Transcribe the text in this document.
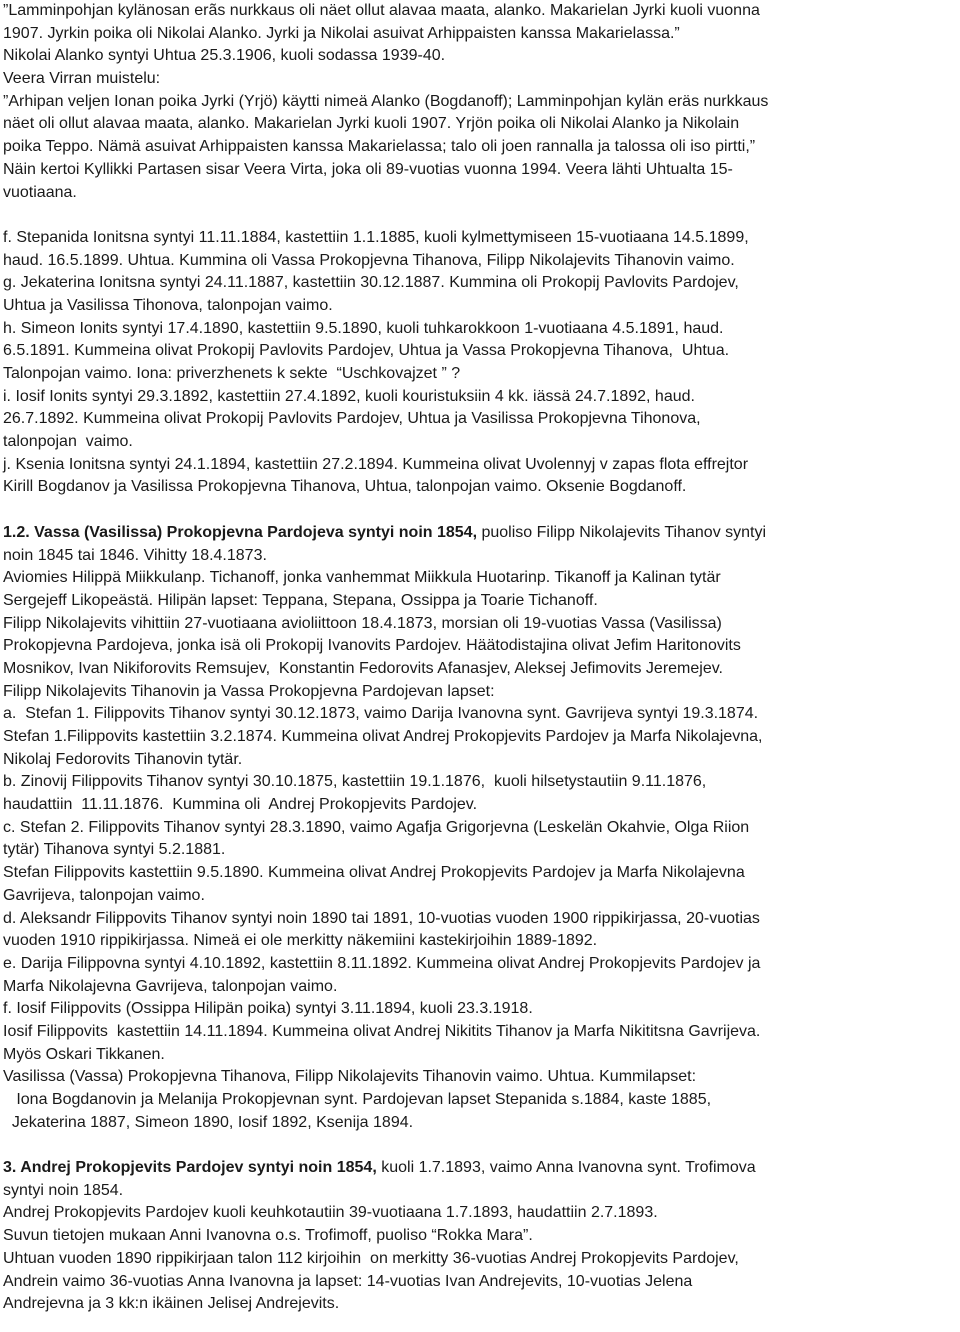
”Lamminpohjan kylänosan erãs nurkkaus oli näet ollut alavaa maata, alanko. Makarielan Jyrki kuoli vuonna
1907. Jyrkin poika oli Nikolai Alanko. Jyrki ja Nikolai asuivat Arhippaisten kanssa Makarielassa.”
Nikolai Alanko syntyi Uhtua 25.3.1906, kuoli sodassa 1939-40.
Veera Virran muistelu:
”Arhipan veljen Ionan poika Jyrki (Yrjö) käytti nimeä Alanko (Bogdanoff); Lamminpohjan kylän eräs nurkkaus
näet oli ollut alavaa maata, alanko. Makarielan Jyrki kuoli 1907. Yrjön poika oli Nikolai Alanko ja Nikolain
poika Teppo. Nämä asuivat Arhippaisten kanssa Makarielassa; talo oli joen rannalla ja talossa oli iso pirtti,”
Näin kertoi Kyllikki Partasen sisar Veera Virta, joka oli 89-vuotias vuonna 1994. Veera lähti Uhtualta 15-
vuotiaana.
f. Stepanida Ionitsna syntyi 11.11.1884, kastettiin 1.1.1885, kuoli kylmettymiseen 15-vuotiaana 14.5.1899,
haud. 16.5.1899. Uhtua. Kummina oli Vassa Prokopjevna Tihanova, Filipp Nikolajevits Tihanovin vaimo.
g. Jekaterina Ionitsna syntyi 24.11.1887, kastettiin 30.12.1887. Kummina oli Prokopij Pavlovits Pardojev,
Uhtua ja Vasilissa Tihonova, talonpojan vaimo.
h. Simeon Ionits syntyi 17.4.1890, kastettiin 9.5.1890, kuoli tuhkarokkoon 1-vuotiaana 4.5.1891, haud.
6.5.1891. Kummeina olivat Prokopij Pavlovits Pardojev, Uhtua ja Vassa Prokopjevna Tihanova,  Uhtua.
Talonpojan vaimo. Iona: priverzhenets k sekte  “Uschkovajzet ” ?
i. Iosif Ionits syntyi 29.3.1892, kastettiin 27.4.1892, kuoli kouristuksiin 4 kk. iässä 24.7.1892, haud.
26.7.1892. Kummeina olivat Prokopij Pavlovits Pardojev, Uhtua ja Vasilissa Prokopjevna Tihonova,
talonpojan  vaimo.
j. Ksenia Ionitsna syntyi 24.1.1894, kastettiin 27.2.1894. Kummeina olivat Uvolennyj v zapas flota effrejtor
Kirill Bogdanov ja Vasilissa Prokopjevna Tihanova, Uhtua, talonpojan vaimo. Oksenie Bogdanoff.
1.2. Vassa (Vasilissa) Prokopjevna Pardojeva syntyi noin 1854, puoliso Filipp Nikolajevits Tihanov syntyi
noin 1845 tai 1846. Vihitty 18.4.1873.
Aviomies Hilippä Miikkulanp. Tichanoff, jonka vanhemmat Miikkula Huotarinp. Tikanoff ja Kalinan tytär
Sergejeff Likopeästä. Hilipän lapset: Teppana, Stepana, Ossippa ja Toarie Tichanoff.
Filipp Nikolajevits vihittiin 27-vuotiaana avioliittoon 18.4.1873, morsian oli 19-vuotias Vassa (Vasilissa)
Prokopjevna Pardojeva, jonka isä oli Prokopij Ivanovits Pardojev. Häätodistajina olivat Jefim Haritonovits
Mosnikov, Ivan Nikiforovits Remsujev,  Konstantin Fedorovits Afanasjev, Aleksej Jefimovits Jeremejev.
Filipp Nikolajevits Tihanovin ja Vassa Prokopjevna Pardojevan lapset:
a.  Stefan 1. Filippovits Tihanov syntyi 30.12.1873, vaimo Darija Ivanovna synt. Gavrijeva syntyi 19.3.1874.
Stefan 1.Filippovits kastettiin 3.2.1874. Kummeina olivat Andrej Prokopjevits Pardojev ja Marfa Nikolajevna,
Nikolaj Fedorovits Tihanovin tytär.
b. Zinovij Filippovits Tihanov syntyi 30.10.1875, kastettiin 19.1.1876,  kuoli hilsetystautiin 9.11.1876,
haudattiin  11.11.1876.  Kummina oli  Andrej Prokopjevits Pardojev.
c. Stefan 2. Filippovits Tihanov syntyi 28.3.1890, vaimo Agafja Grigorjevna (Leskelän Okahvie, Olga Riion
tytär) Tihanova syntyi 5.2.1881.
Stefan Filippovits kastettiin 9.5.1890. Kummeina olivat Andrej Prokopjevits Pardojev ja Marfa Nikolajevna
Gavrijeva, talonpojan vaimo.
d. Aleksandr Filippovits Tihanov syntyi noin 1890 tai 1891, 10-vuotias vuoden 1900 rippikirjassa, 20-vuotias
vuoden 1910 rippikirjassa. Nimeä ei ole merkitty näkemiini kastekirjoihin 1889-1892.
e. Darija Filippovna syntyi 4.10.1892, kastettiin 8.11.1892. Kummeina olivat Andrej Prokopjevits Pardojev ja
Marfa Nikolajevna Gavrijeva, talonpojan vaimo.
f. Iosif Filippovits (Ossippa Hilipän poika) syntyi 3.11.1894, kuoli 23.3.1918.
Iosif Filippovits  kastettiin 14.11.1894. Kummeina olivat Andrej Nikitits Tihanov ja Marfa Nikititsna Gavrijeva.
Myös Oskari Tikkanen.
Vasilissa (Vassa) Prokopjevna Tihanova, Filipp Nikolajevits Tihanovin vaimo. Uhtua. Kummilapset:
Iona Bogdanovin ja Melanija Prokopjevnan synt. Pardojevan lapset Stepanida s.1884, kaste 1885,
Jekaterina 1887, Simeon 1890, Iosif 1892, Ksenija 1894.
3. Andrej Prokopjevits Pardojev syntyi noin 1854, kuoli 1.7.1893, vaimo Anna Ivanovna synt. Trofimova
syntyi noin 1854.
Andrej Prokopjevits Pardojev kuoli keuhkotautiin 39-vuotiaana 1.7.1893, haudattiin 2.7.1893.
Suvun tietojen mukaan Anni Ivanovna o.s. Trofimoff, puoliso “Rokka Mara”.
Uhtuan vuoden 1890 rippikirjaan talon 112 kirjoihin  on merkitty 36-vuotias Andrej Prokopjevits Pardojev,
Andrein vaimo 36-vuotias Anna Ivanovna ja lapset: 14-vuotias Ivan Andrejevits, 10-vuotias Jelena
Andrejevna ja 3 kk:n ikäinen Jelisej Andrejevits.
